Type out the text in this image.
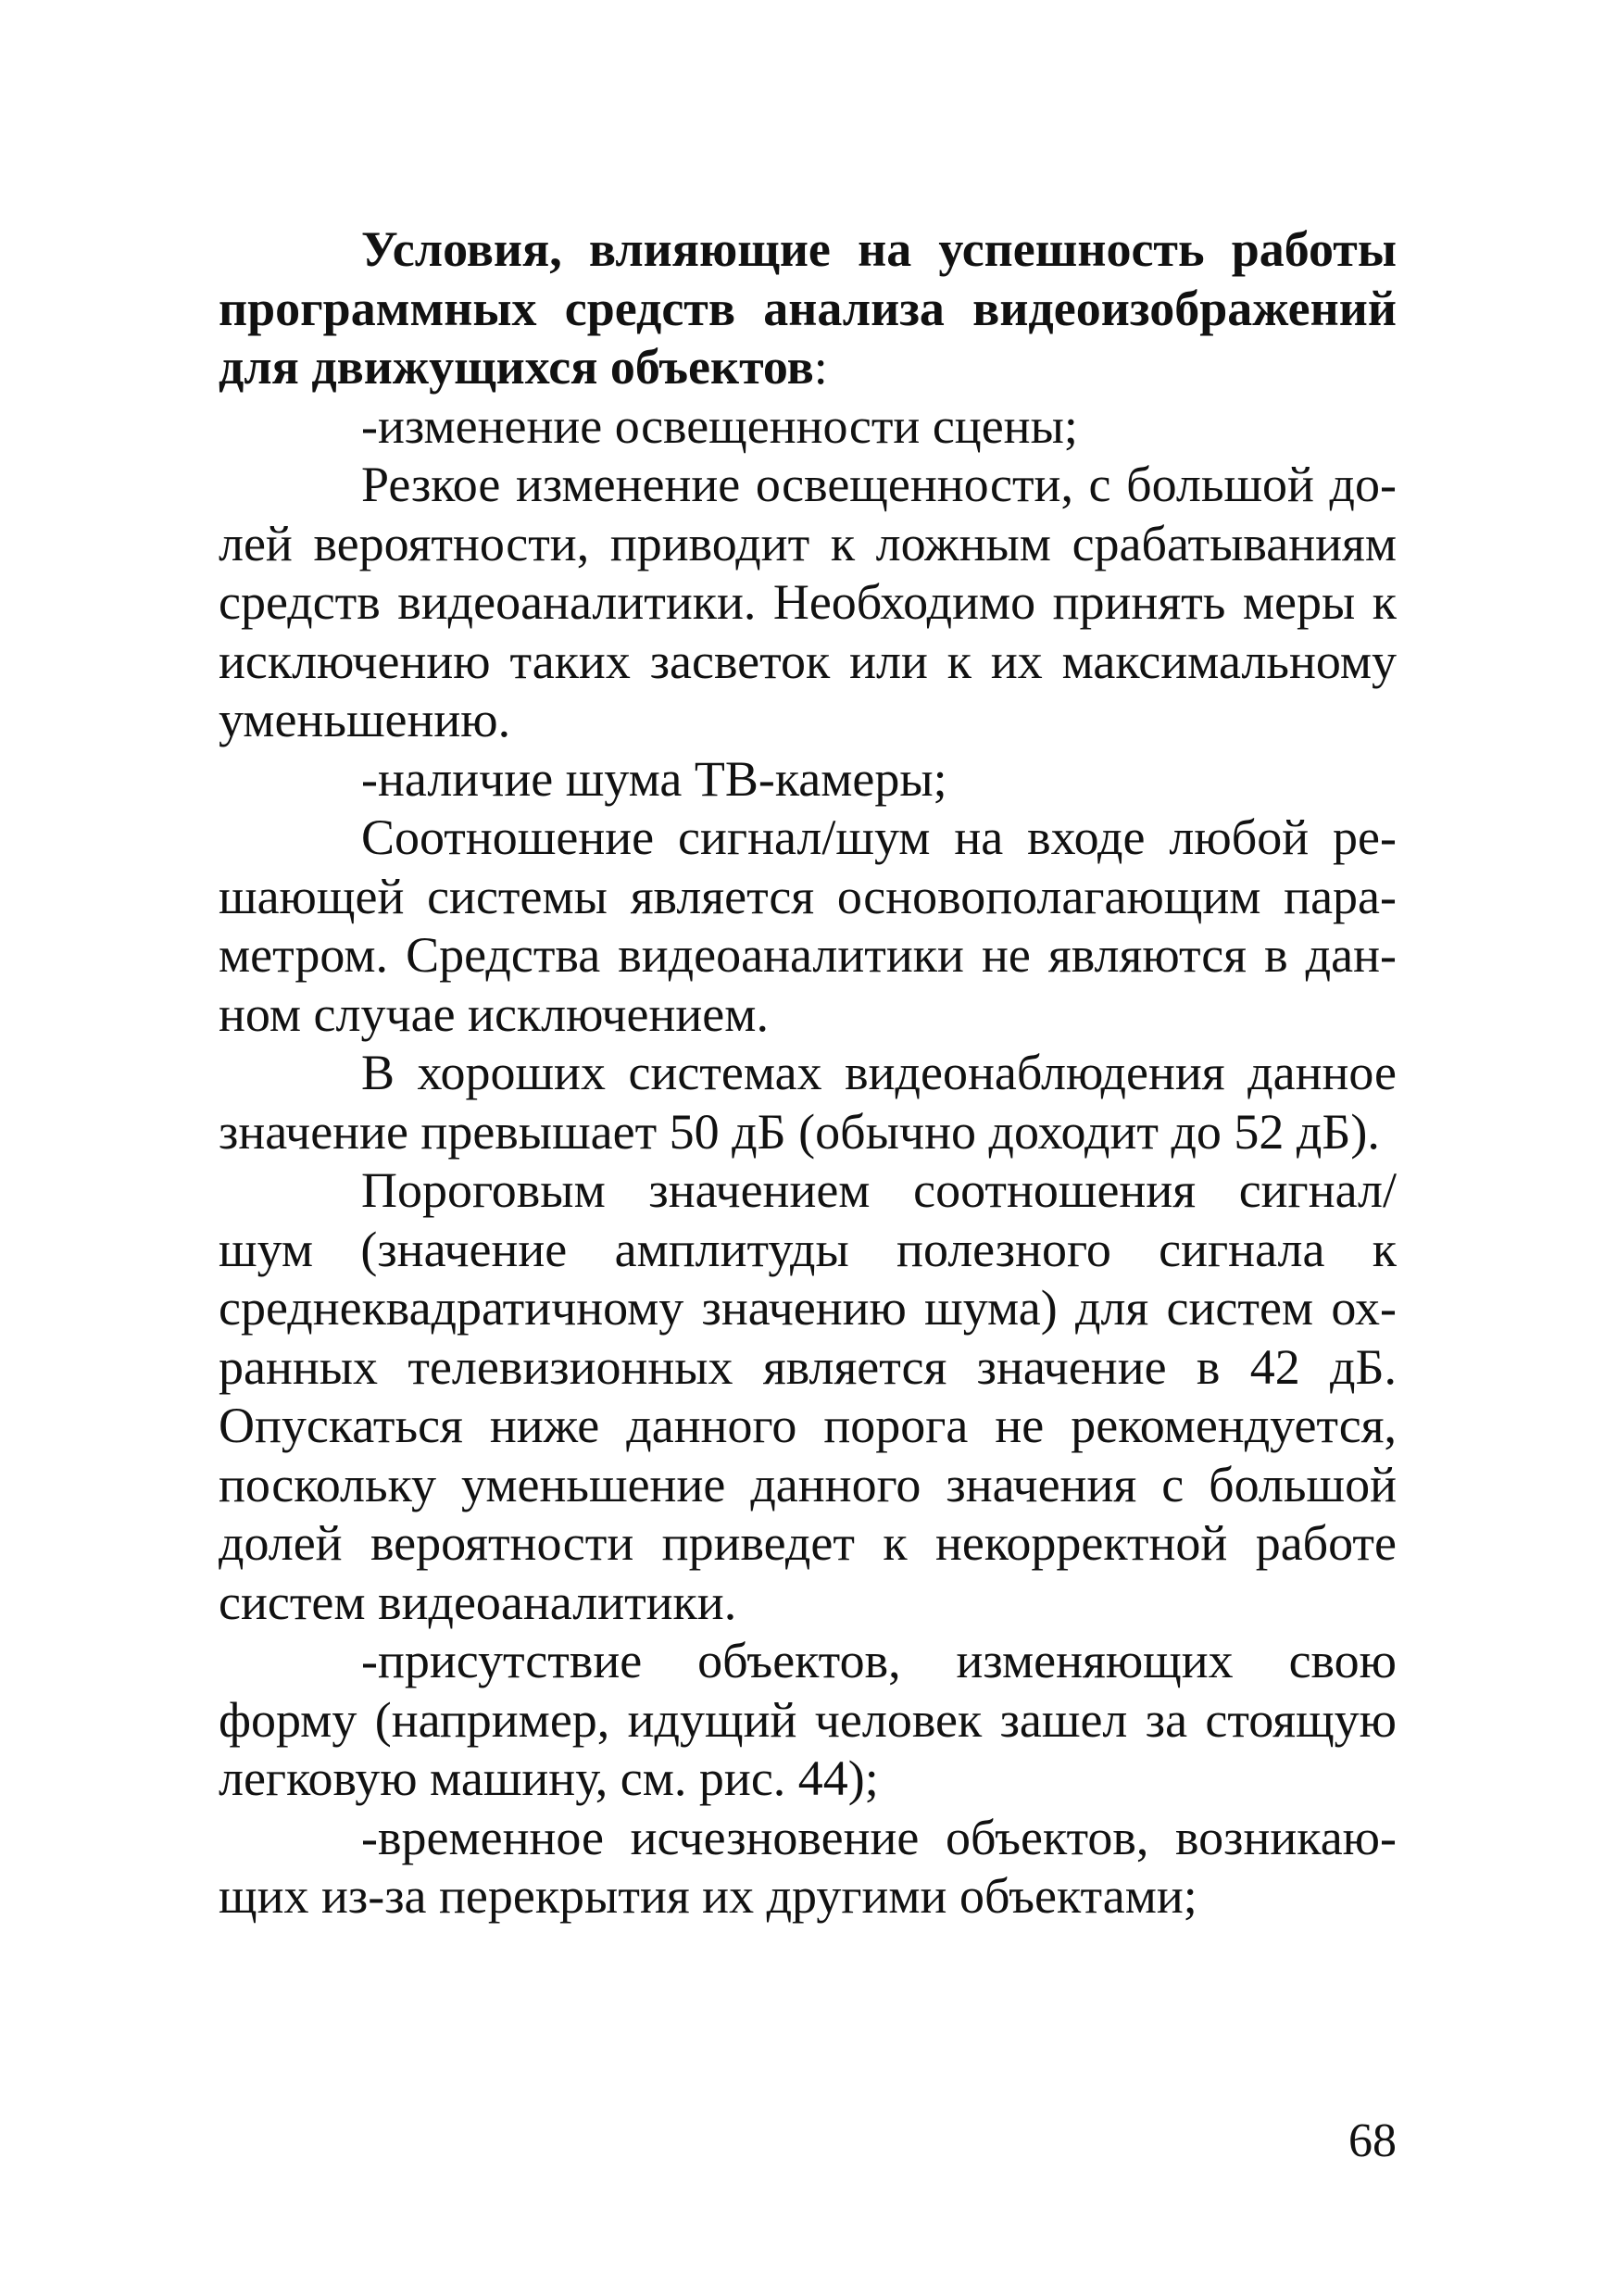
Условия, влияющие на успешность работы программных средств анализа видеоизображений для движущихся объектов:

-изменение освещенности сцены;

Резкое изменение освещенности, с большой долей вероятности, приводит к ложным срабатываниям средств видеоаналитики. Необходимо принять меры к исключению таких засветок или к их максимальному уменьшению.

-наличие шума ТВ-камеры;

Соотношение сигнал/шум на входе любой решающей системы является основополагающим параметром. Средства видеоаналитики не являются в данном случае исключением.

В хороших системах видеонаблюдения данное значение превышает 50 дБ (обычно доходит до 52 дБ).

Пороговым значением соотношения сигнал/шум (значение амплитуды полезного сигнала к среднеквадратичному значению шума) для систем охранных телевизионных является значение в 42 дБ. Опускаться ниже данного порога не рекомендуется, поскольку уменьшение данного значения с большой долей вероятности приведет к некорректной работе систем видеоаналитики.

-присутствие объектов, изменяющих свою форму (например, идущий человек зашел за стоящую легковую машину, см. рис. 44);

-временное исчезновение объектов, возникающих из-за перекрытия их другими объектами;

68
